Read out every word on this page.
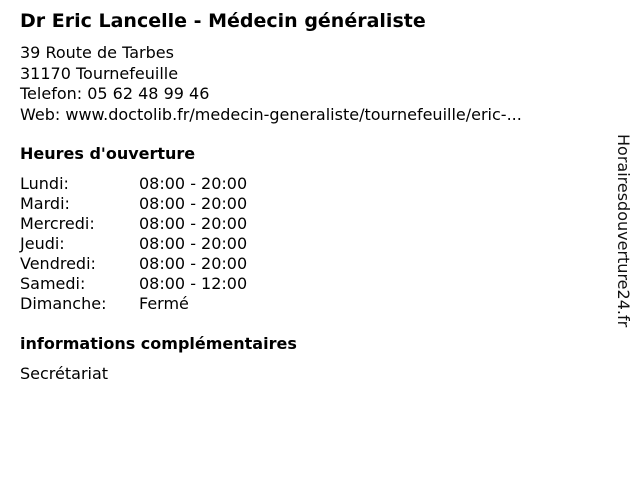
Dr Eric Lancelle - Médecin généraliste
39 Route de Tarbes
31170 Tournefeuille
Telefon: 05 62 48 99 46
Web: www.doctolib.fr/medecin-generaliste/tournefeuille/eric-...
Heures d'ouverture
Lundi:	08:00 - 20:00
Mardi:	08:00 - 20:00
Mercredi:	08:00 - 20:00
Jeudi:	08:00 - 20:00
Vendredi:	08:00 - 20:00
Samedi:	08:00 - 12:00
Dimanche: Fermé
informations complémentaires
Secrétariat
Horairesdouverture24.fr
